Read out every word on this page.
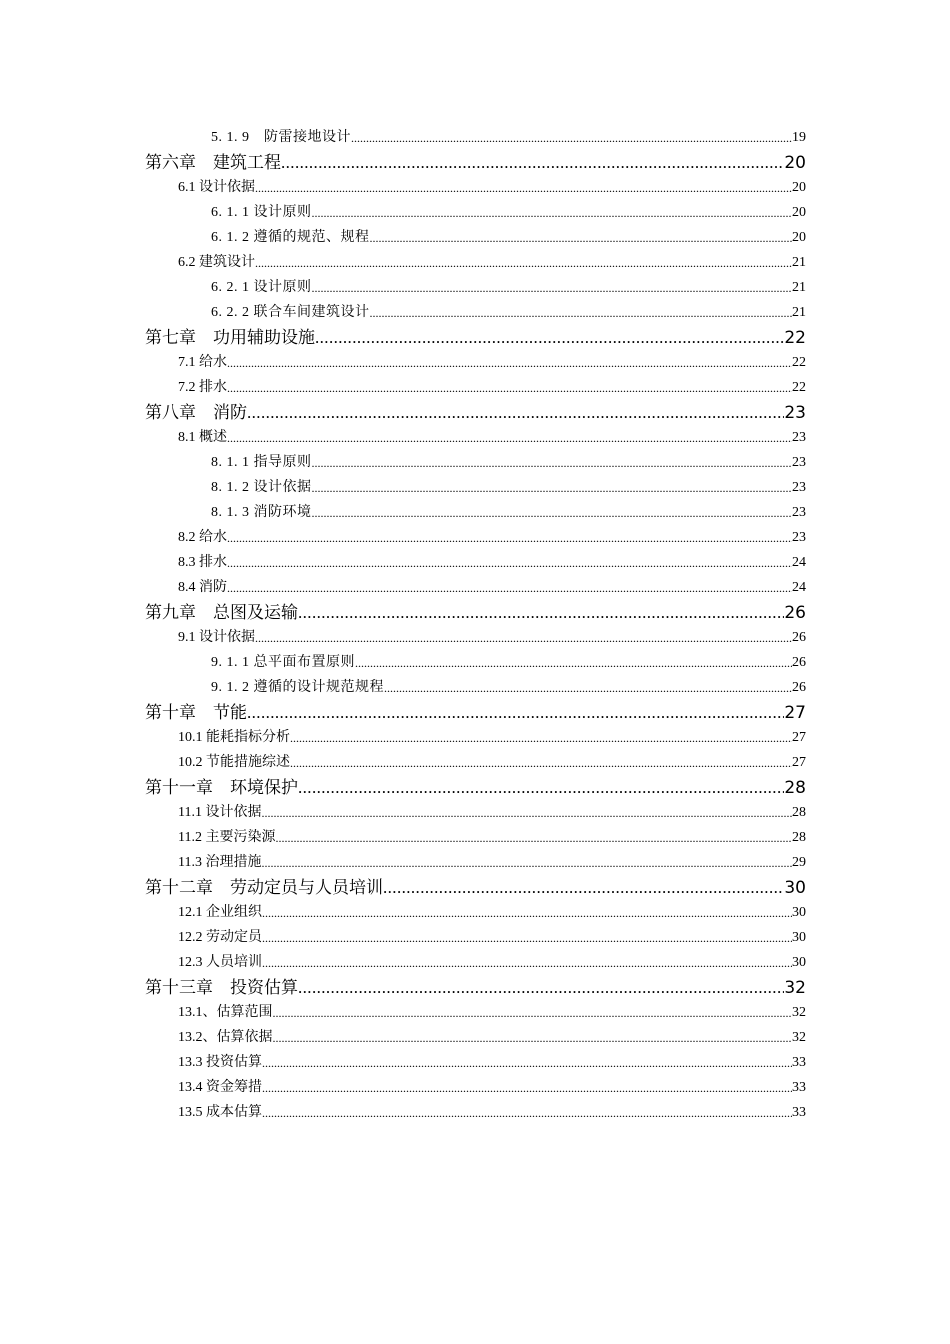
5. 1. 9　防雷接地设计 .....	19
第六章　建筑工程 .....	20
6.1 设计依据 .....	20
6. 1. 1 设计原则 .....	20
6. 1. 2 遵循的规范、规程 .....	20
6.2 建筑设计 .....	21
6. 2. 1 设计原则 .....	21
6. 2. 2 联合车间建筑设计 .....	21
第七章　功用辅助设施 .....	22
7.1 给水 .....	22
7.2 排水 .....	22
第八章　消防 .....	23
8.1 概述 .....	23
8. 1. 1 指导原则 .....	23
8. 1. 2 设计依据 .....	23
8. 1. 3 消防环境 .....	23
8.2 给水 .....	23
8.3 排水 .....	24
8.4 消防 .....	24
第九章　总图及运输 .....	26
9.1 设计依据 .....	26
9. 1. 1 总平面布置原则 .....	26
9. 1. 2 遵循的设计规范规程 .....	26
第十章　节能 .....	27
10.1 能耗指标分析 .....	27
10.2 节能措施综述 .....	27
第十一章　环境保护 .....	28
11.1 设计依据 .....	28
11.2 主要污染源 .....	28
11.3 治理措施 .....	29
第十二章　劳动定员与人员培训 .....	30
12.1 企业组织 .....	30
12.2 劳动定员 .....	30
12.3 人员培训 .....	30
第十三章　投资估算 .....	32
13.1、估算范围 .....	32
13.2、估算依据 .....	32
13.3 投资估算 .....	33
13.4 资金筹措 .....	33
13.5 成本估算 .....	33
